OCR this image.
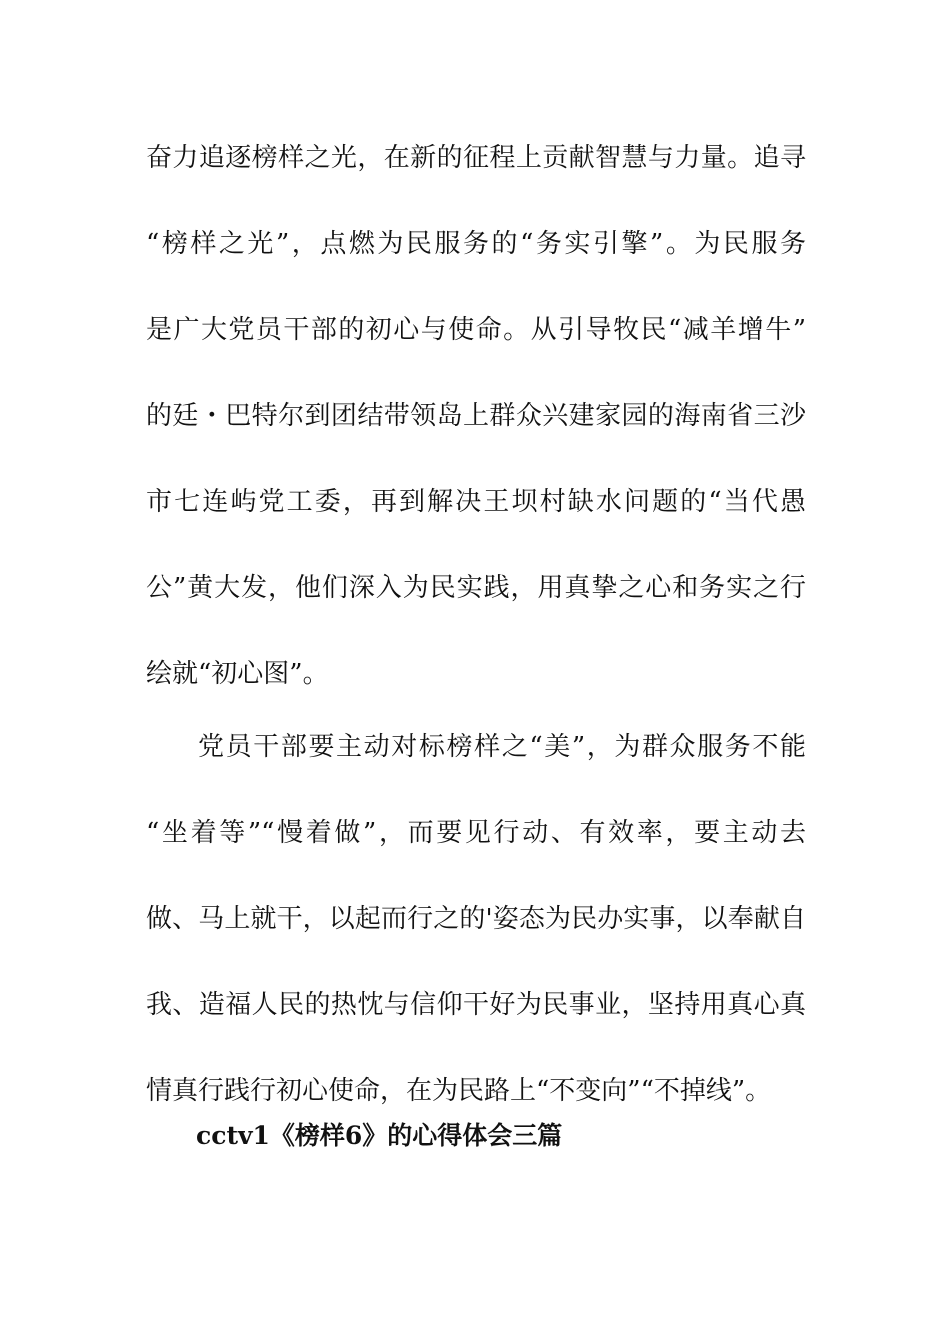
奋力追逐榜样之光，在新的征程上贡献智慧与力量。追寻
“榜样之光”，点燃为民服务的“务实引擎”。为民服务
是广大党员干部的初心与使命。从引导牧民“减羊增牛”
的廷・巴特尔到团结带领岛上群众兴建家园的海南省三沙
市七连屿党工委，再到解决王坝村缺水问题的“当代愚
公”黄大发，他们深入为民实践，用真挚之心和务实之行
绘就“初心图”。
党员干部要主动对标榜样之“美”，为群众服务不能
“坐着等”“慢着做”，而要见行动、有效率，要主动去
做、马上就干，以起而行之的'姿态为民办实事，以奉献自
我、造福人民的热忱与信仰干好为民事业，坚持用真心真
情真行践行初心使命，在为民路上“不变向”“不掉线”。
cctv1《榜样6》的心得体会三篇
